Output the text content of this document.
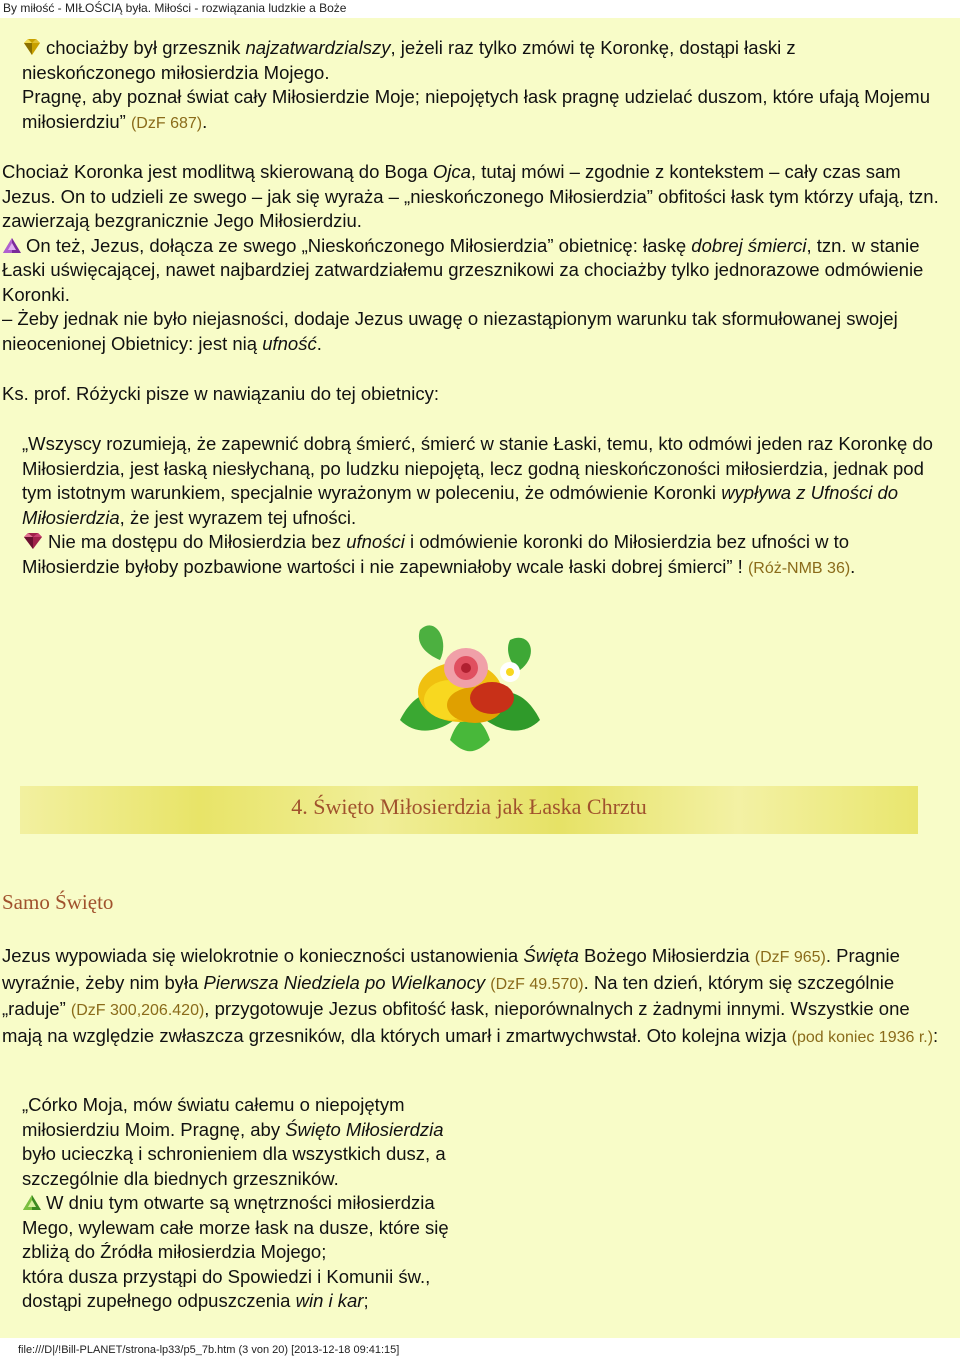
By miłość - MIŁOŚCIĄ była. Miłości - rozwiązania ludzkie a Boże

chociażby był grzesznik najzatwardzialszy, jeżeli raz tylko zmówi tę Koronkę, dostąpi łaski z nieskończonego miłosierdzia Mojego.
Pragnę, aby poznał świat cały Miłosierdzie Moje; niepojętych łask pragnę udzielać duszom, które ufają Mojemu miłosierdziu” (DzF 687).

Chociaż Koronka jest modlitwą skierowaną do Boga Ojca, tutaj mówi – zgodnie z kontekstem – cały czas sam Jezus. On to udzieli ze swego – jak się wyraża – „nieskończonego Miłosierdzia” obfitości łask tym którzy ufają, tzn. zawierzają bezgranicznie Jego Miłosierdziu.
On też, Jezus, dołącza ze swego „Nieskończonego Miłosierdzia” obietnicę: łaskę dobrej śmierci, tzn. w stanie Łaski uświęcającej, nawet najbardziej zatwardziałemu grzesznikowi za chociażby tylko jednorazowe odmówienie Koronki.
– Żeby jednak nie było niejasności, dodaje Jezus uwagę o niezastąpionym warunku tak sformułowanej swojej nieocenionej Obietnicy: jest nią ufność.

Ks. prof. Różycki pisze w nawiązaniu do tej obietnicy:

„Wszyscy rozumieją, że zapewnić dobrą śmierć, śmierć w stanie Łaski, temu, kto odmówi jeden raz Koronkę do Miłosierdzia, jest łaską niesłychaną, po ludzku niepojętą, lecz godną nieskończoności miłosierdzia, jednak pod tym istotnym warunkiem, specjalnie wyrażonym w poleceniu, że odmówienie Koronki wypływa z Ufności do Miłosierdzia, że jest wyrazem tej ufności.
Nie ma dostępu do Miłosierdzia bez ufności i odmówienie koronki do Miłosierdzia bez ufności w to Miłosierdzie byłoby pozbawione wartości i nie zapewniałoby wcale łaski dobrej śmierci” ! (Róż-NMB 36).

4. Święto Miłosierdzia jak Łaska Chrztu
Samo Święto

Jezus wypowiada się wielokrotnie o konieczności ustanowienia Święta Bożego Miłosierdzia (DzF 965). Pragnie wyraźnie, żeby nim była Pierwsza Niedziela po Wielkanocy (DzF 49.570). Na ten dzień, którym się szczególnie „raduje” (DzF 300,206.420), przygotowuje Jezus obfitość łask, nieporównalnych z żadnymi innymi. Wszystkie one mają na względzie zwłaszcza grzesników, dla których umarł i zmartwychwstał. Oto kolejna wizja (pod koniec 1936 r.):

„Córko Moja, mów światu całemu o niepojętym
miłosierdziu Moim. Pragnę, aby Święto Miłosierdzia
było ucieczką i schronieniem dla wszystkich dusz, a
szczególnie dla biednych grzeszników.
W dniu tym otwarte są wnętrzności miłosierdzia
Mego, wylewam całe morze łask na dusze, które się
zbliżą do Źródła miłosierdzia Mojego;
która dusza przystąpi do Spowiedzi i Komunii św.,
dostąpi zupełnego odpuszczenia win i kar;

file:///D|/!Bill-PLANET/strona-lp33/p5_7b.htm (3 von 20) [2013-12-18 09:41:15]
